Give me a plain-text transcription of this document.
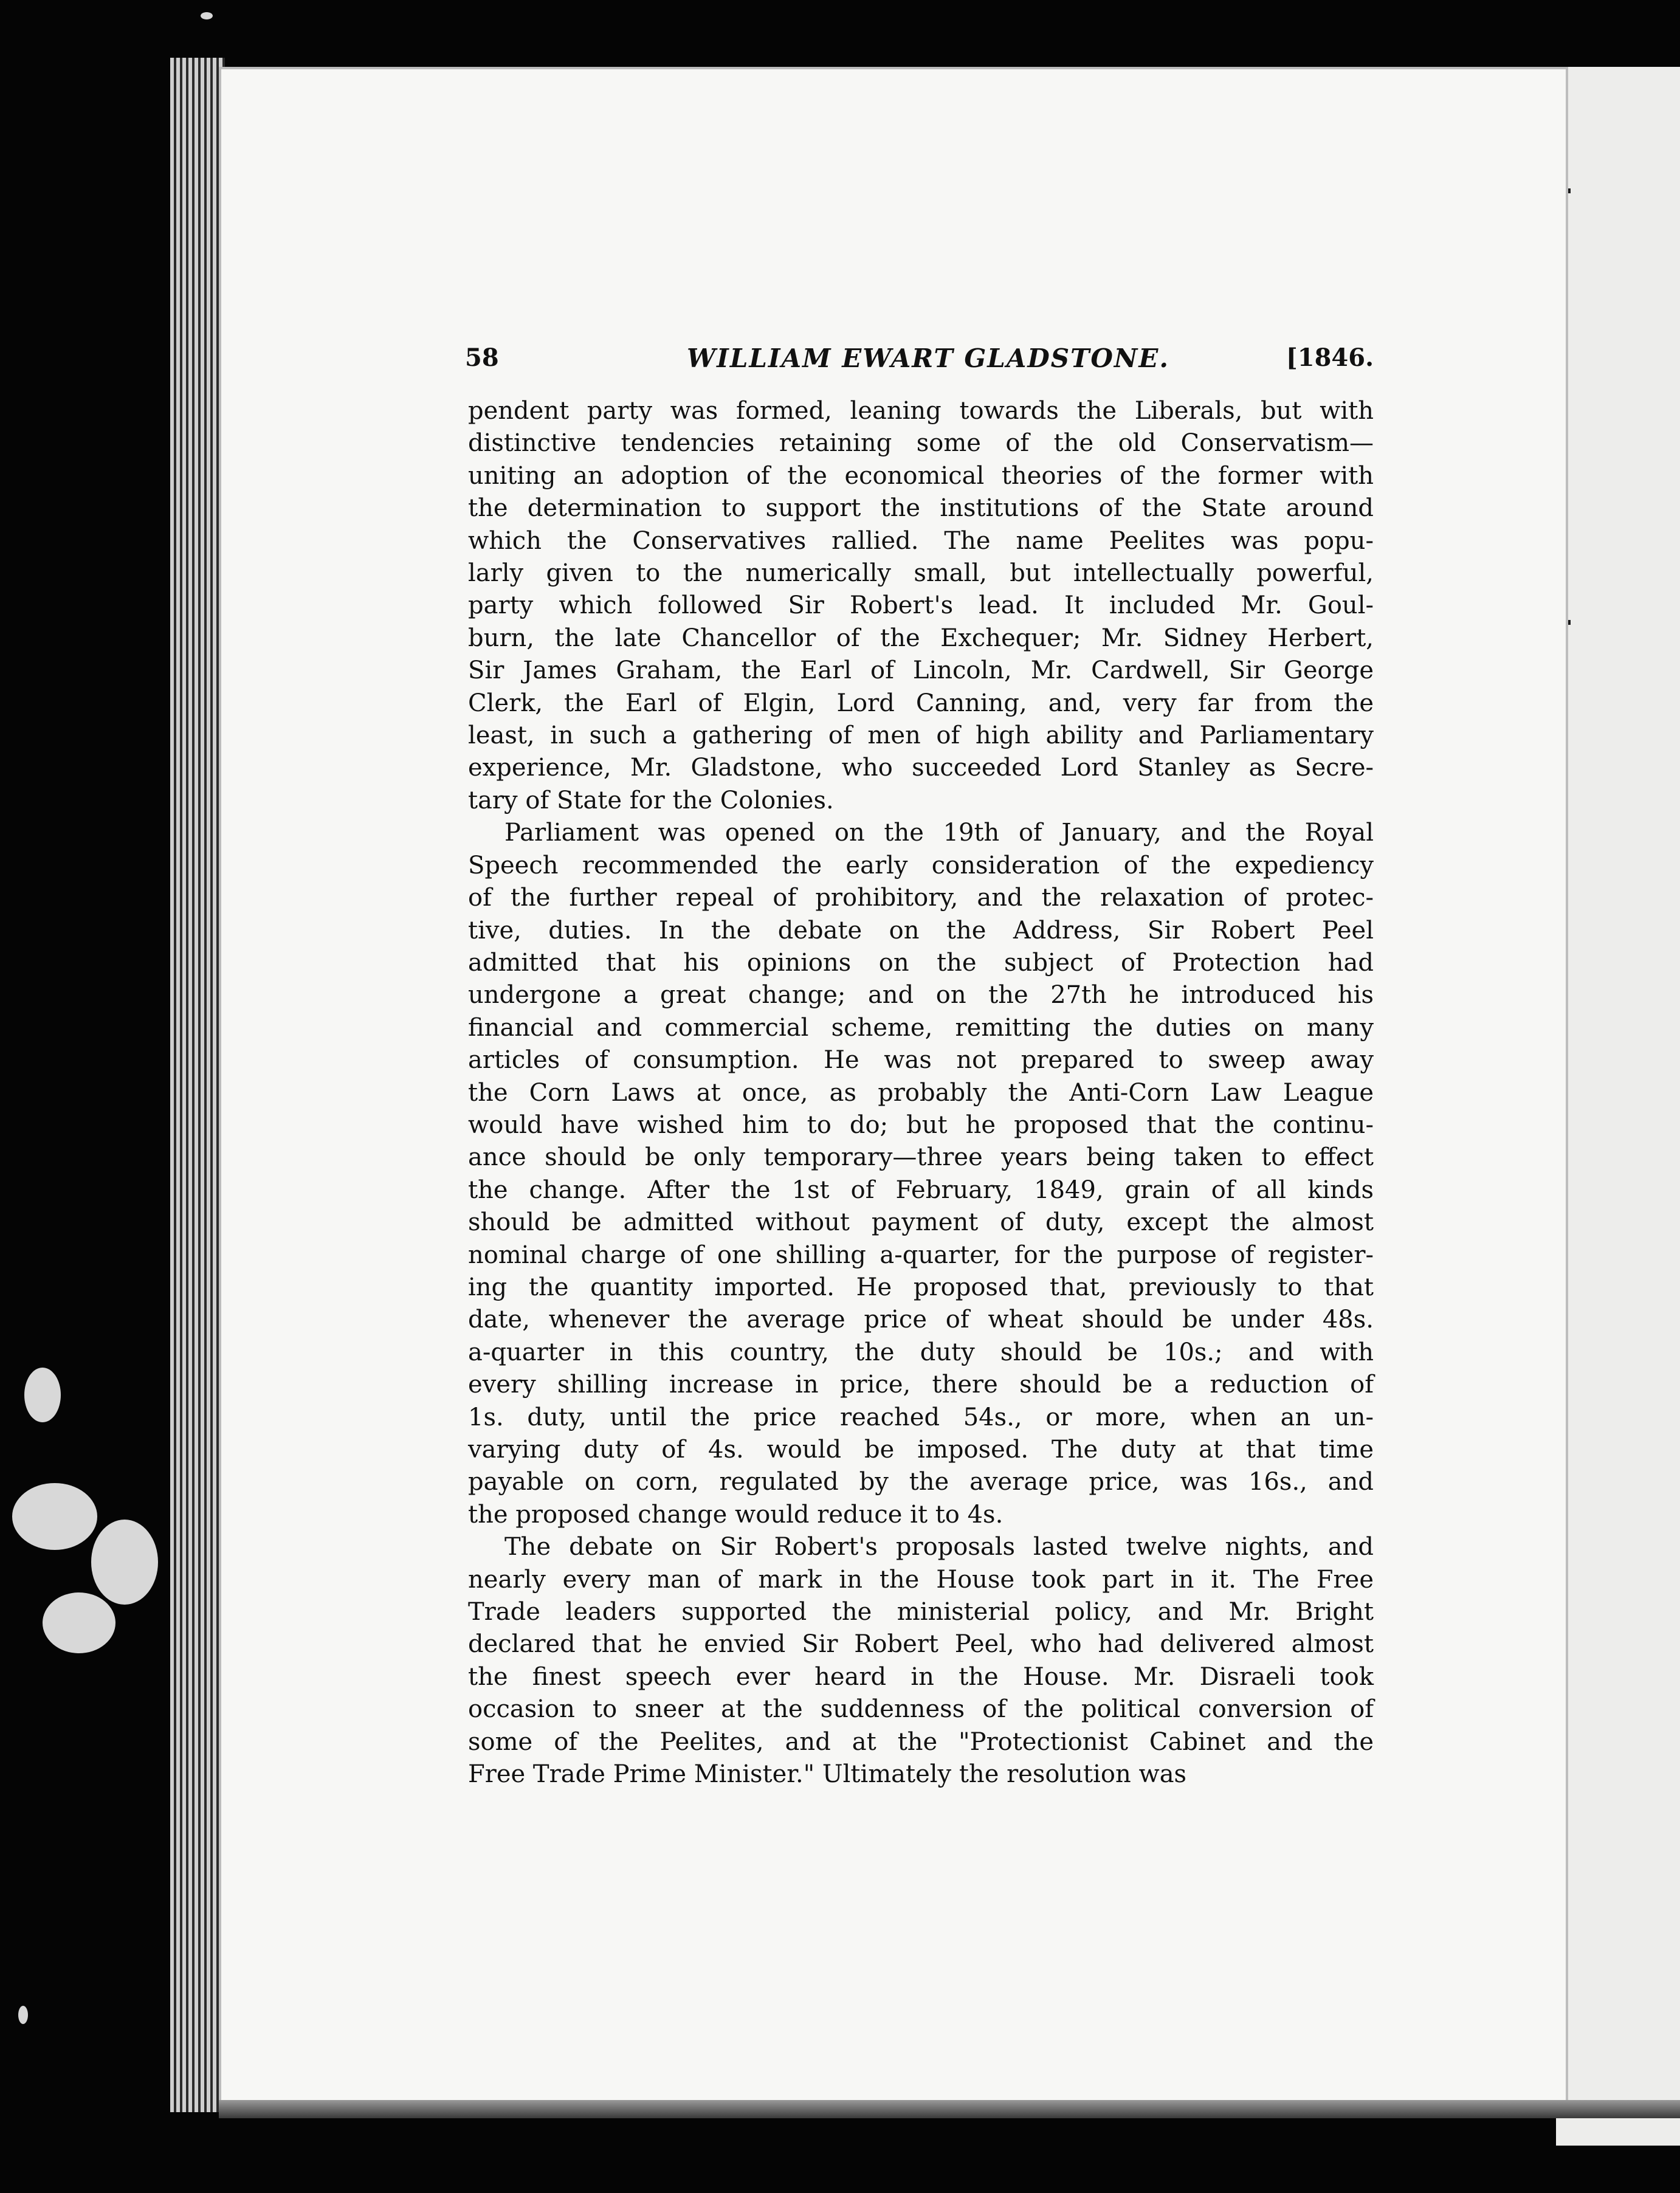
58	WILLIAM EWART GLADSTONE.	[1846.
pendent party was formed, leaning towards the Liberals, but with
distinctive tendencies retaining some of the old Conservatism—
uniting an adoption of the economical theories of the former with
the determination to support the institutions of the State around
which the Conservatives rallied. The name Peelites was popu-
larly given to the numerically small, but intellectually powerful,
party which followed Sir Robert's lead. It included Mr. Goul-
burn, the late Chancellor of the Exchequer; Mr. Sidney Herbert,
Sir James Graham, the Earl of Lincoln, Mr. Cardwell, Sir George
Clerk, the Earl of Elgin, Lord Canning, and, very far from the
least, in such a gathering of men of high ability and Parliamentary
experience, Mr. Gladstone, who succeeded Lord Stanley as Secre-
tary of State for the Colonies.
Parliament was opened on the 19th of January, and the Royal
Speech recommended the early consideration of the expediency
of the further repeal of prohibitory, and the relaxation of protec-
tive, duties. In the debate on the Address, Sir Robert Peel
admitted that his opinions on the subject of Protection had
undergone a great change; and on the 27th he introduced his
financial and commercial scheme, remitting the duties on many
articles of consumption. He was not prepared to sweep away
the Corn Laws at once, as probably the Anti-Corn Law League
would have wished him to do; but he proposed that the continu-
ance should be only temporary—three years being taken to effect
the change. After the 1st of February, 1849, grain of all kinds
should be admitted without payment of duty, except the almost
nominal charge of one shilling a-quarter, for the purpose of register-
ing the quantity imported. He proposed that, previously to that
date, whenever the average price of wheat should be under 48s.
a-quarter in this country, the duty should be 10s.; and with
every shilling increase in price, there should be a reduction of
1s. duty, until the price reached 54s., or more, when an un-
varying duty of 4s. would be imposed. The duty at that time
payable on corn, regulated by the average price, was 16s., and
the proposed change would reduce it to 4s.
The debate on Sir Robert's proposals lasted twelve nights, and
nearly every man of mark in the House took part in it. The Free
Trade leaders supported the ministerial policy, and Mr. Bright
declared that he envied Sir Robert Peel, who had delivered almost
the finest speech ever heard in the House. Mr. Disraeli took
occasion to sneer at the suddenness of the political conversion of
some of the Peelites, and at the "Protectionist Cabinet and the
Free Trade Prime Minister." Ultimately the resolution was
